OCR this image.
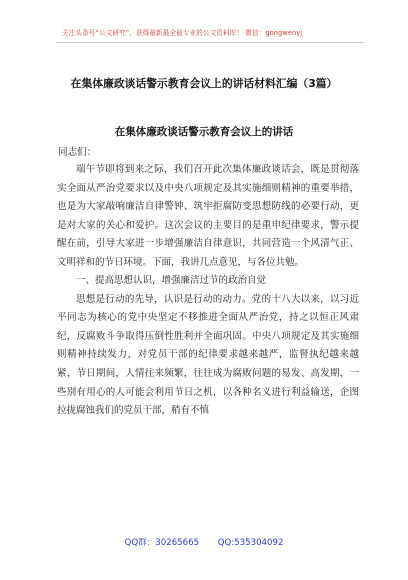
关注头条号“公文研究”，获得最新最全最专业的公文资料库！ 微信：gongwenyj
在集体廉政谈话警示教育会议上的讲话材料汇编（3篇）
在集体廉政谈话警示教育会议上的讲话
同志们：

端午节即将到来之际，我们召开此次集体廉政谈话会，既是贯彻落实全面从严治党要求以及中央八项规定及其实施细则精神的重要举措，也是为大家敲响廉洁自律警钟、筑牢拒腐防变思想防线的必要行动，更是对大家的关心和爱护。这次会议的主要目的是重申纪律要求，警示提醒在前，引导大家进一步增强廉洁自律意识，共同营造一个风清气正、文明祥和的节日环境。下面，我讲几点意见，与各位共勉。

一、提高思想认识，增强廉洁过节的政治自觉

思想是行动的先导，认识是行动的动力。党的十八大以来，以习近平同志为核心的党中央坚定不移推进全面从严治党，持之以恒正风肃纪，反腐败斗争取得压倒性胜利并全面巩固。中央八项规定及其实施细则精神持续发力，对党员干部的纪律要求越来越严，监督执纪越来越紧，节日期间，人情往来频繁，往往成为腐败问题的易发、高发期，一些别有用心的人可能会利用节日之机，以各种名义进行利益输送，企图拉拢腐蚀我们的党员干部，稍有不慎

QQ群：30265665 QQ:535304092
